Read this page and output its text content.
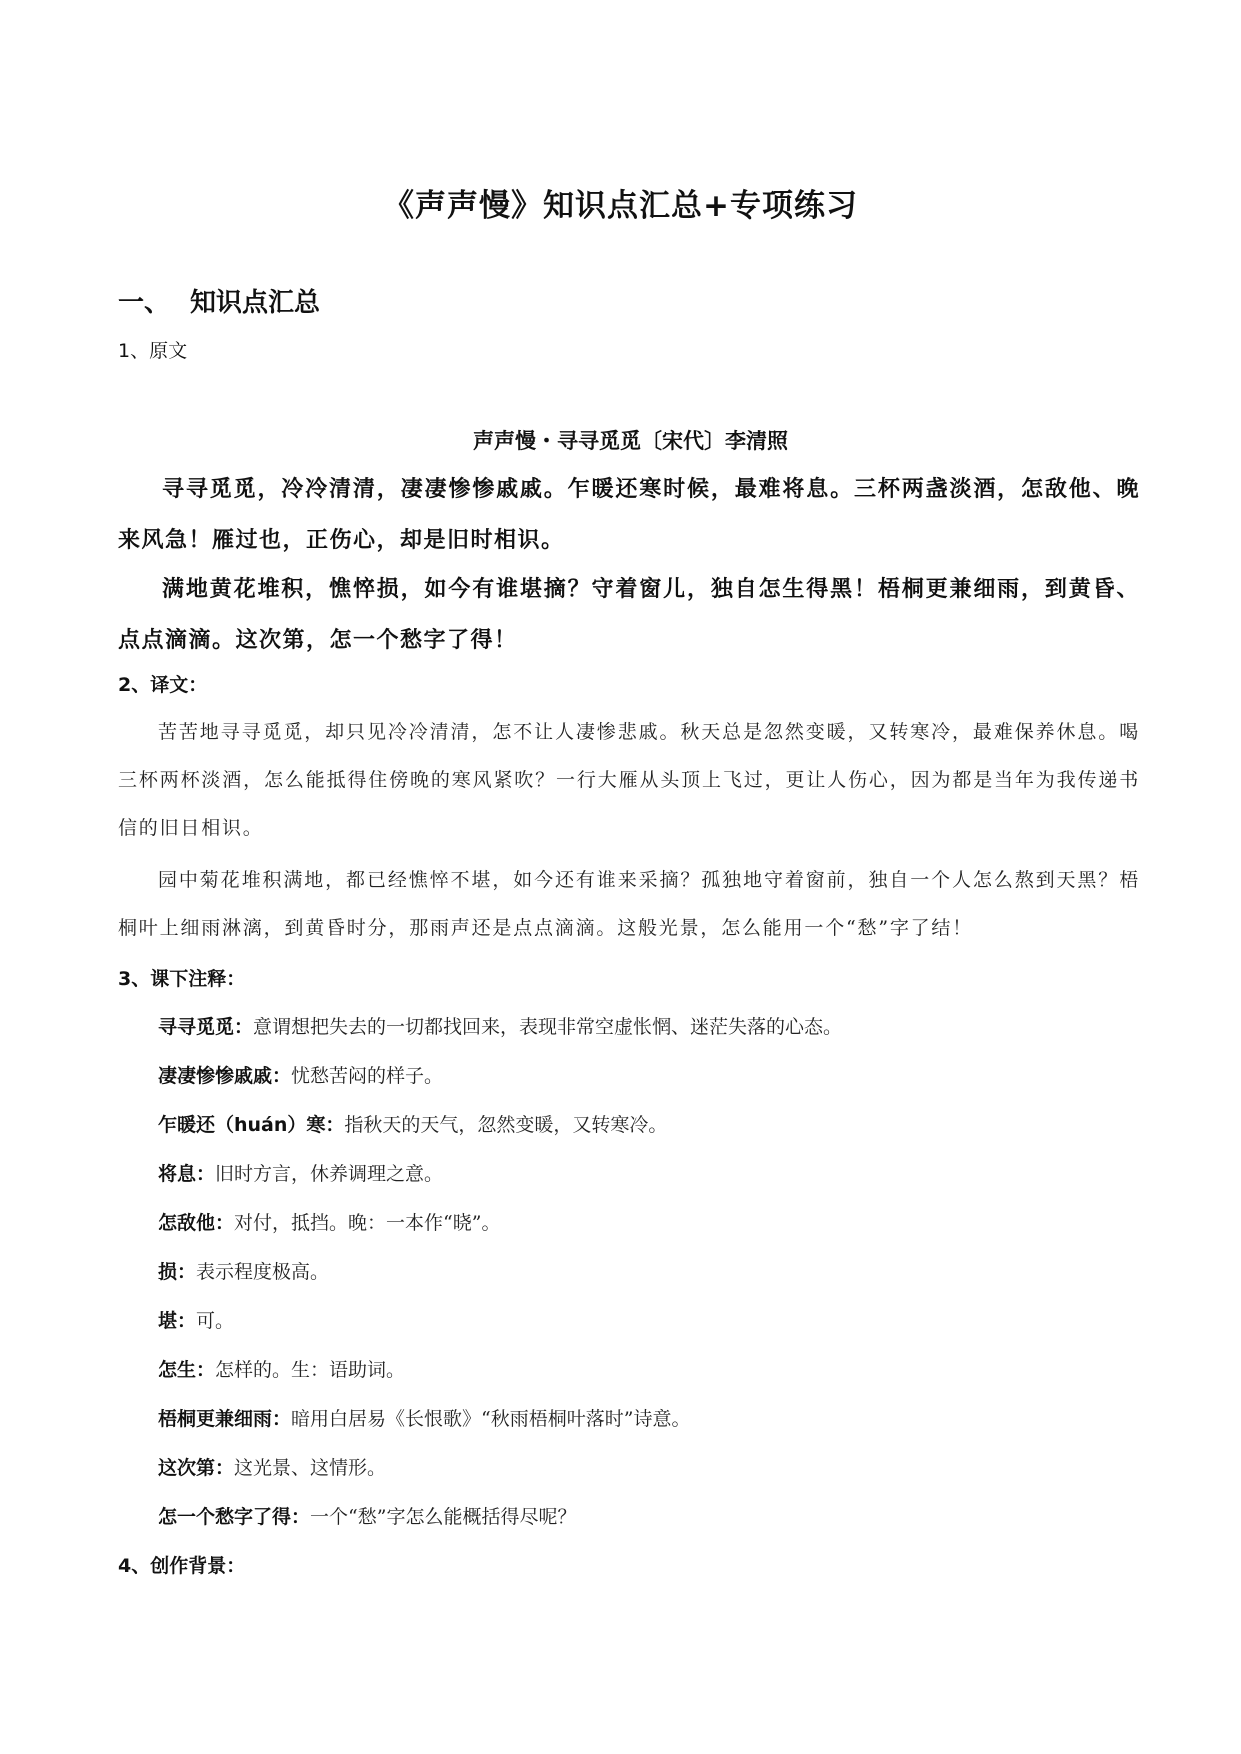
《声声慢》知识点汇总+专项练习
一、 知识点汇总
1、原文
声声慢・寻寻觅觅〔宋代〕李清照

寻寻觅觅，冷冷清清，凄凄惨惨戚戚。乍暖还寒时候，最难将息。三杯两盏淡酒，怎敌他、晚来风急！雁过也，正伤心，却是旧时相识。

满地黄花堆积，憔悴损，如今有谁堪摘？守着窗儿，独自怎生得黑！梧桐更兼细雨，到黄昏、点点滴滴。这次第，怎一个愁字了得！

2、译文：

苦苦地寻寻觅觅，却只见冷冷清清，怎不让人凄惨悲戚。秋天总是忽然变暖，又转寒冷，最难保养休息。喝三杯两杯淡酒，怎么能抵得住傍晚的寒风紧吹？一行大雁从头顶上飞过，更让人伤心，因为都是当年为我传递书信的旧日相识。

园中菊花堆积满地，都已经憔悴不堪，如今还有谁来采摘？孤独地守着窗前，独自一个人怎么熬到天黑？梧桐叶上细雨淋漓，到黄昏时分，那雨声还是点点滴滴。这般光景，怎么能用一个“愁”字了结！

3、课下注释：
寻寻觅觅：意谓想把失去的一切都找回来，表现非常空虚怅惘、迷茫失落的心态。
凄凄惨惨戚戚：忧愁苦闷的样子。
乍暖还（huán）寒：指秋天的天气，忽然变暖，又转寒冷。
将息：旧时方言，休养调理之意。
怎敌他：对付，抵挡。晚：一本作“晓”。
损：表示程度极高。
堪：可。
怎生：怎样的。生：语助词。
梧桐更兼细雨：暗用白居易《长恨歌》“秋雨梧桐叶落时”诗意。
这次第：这光景、这情形。
怎一个愁字了得：一个“愁”字怎么能概括得尽呢？
4、创作背景：
